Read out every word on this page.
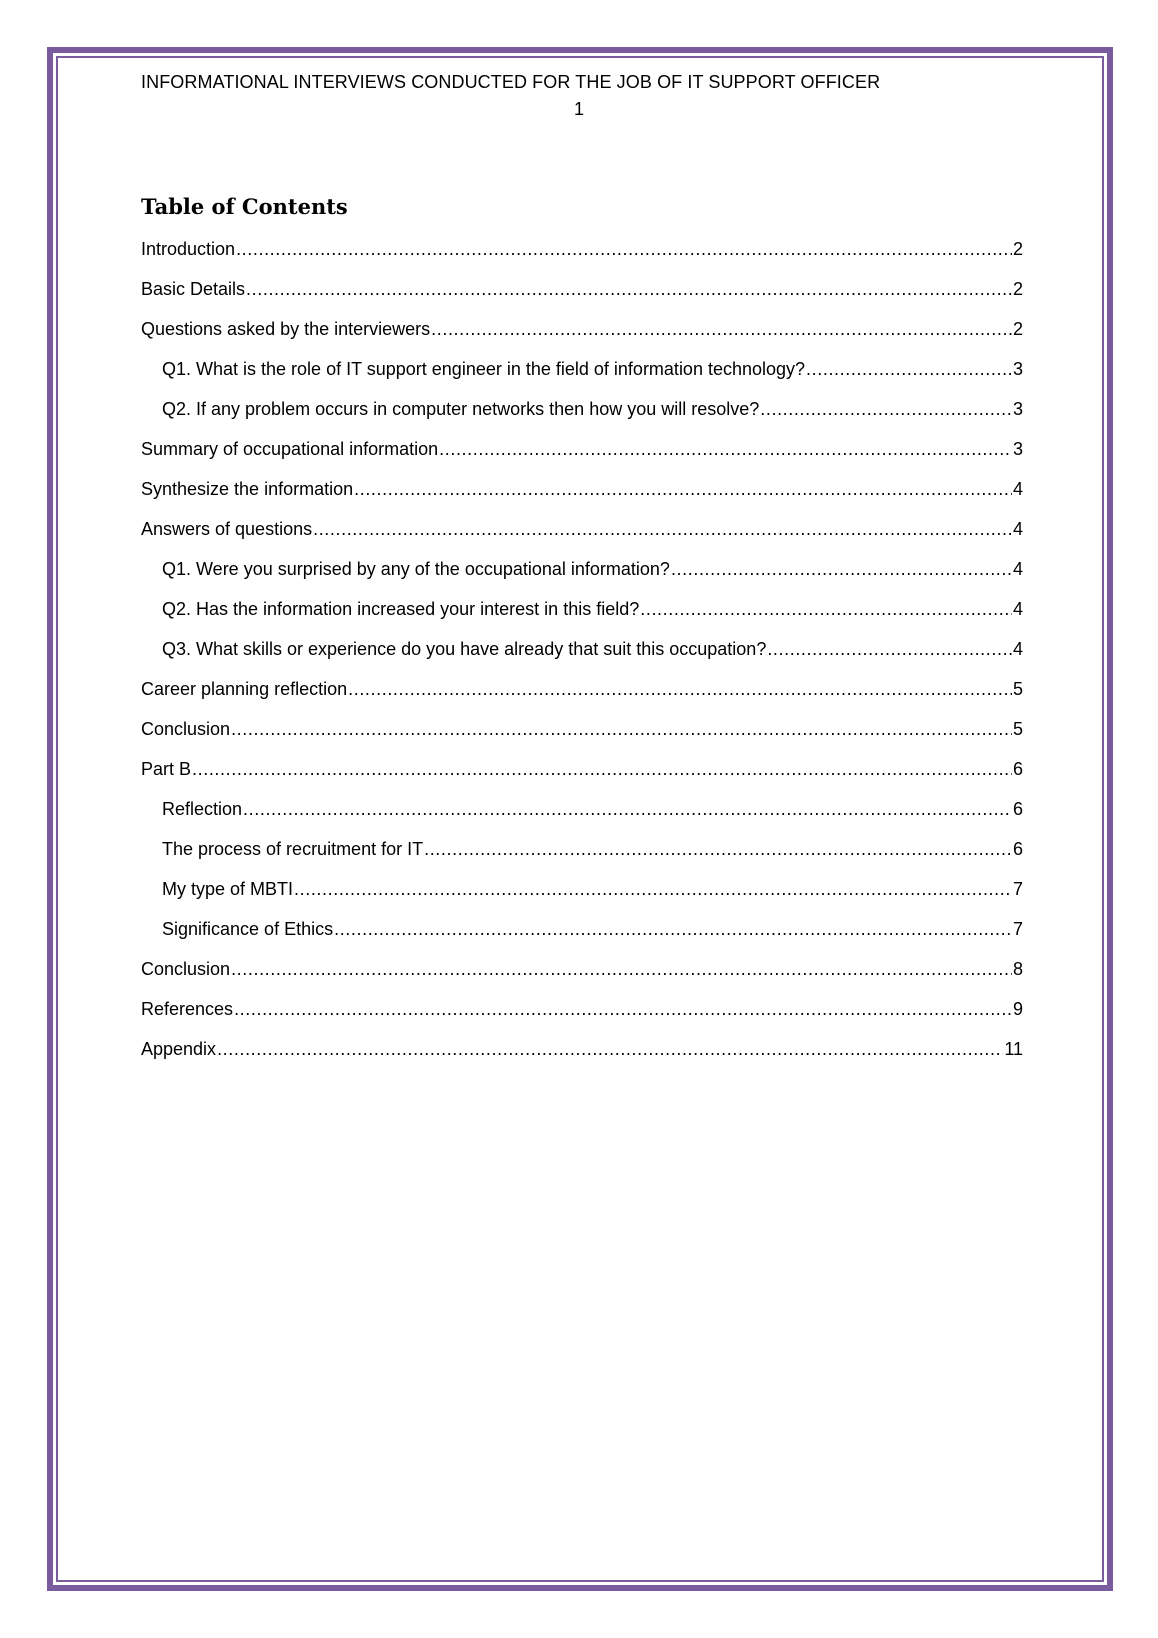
INFORMATIONAL INTERVIEWS CONDUCTED FOR THE JOB OF IT SUPPORT OFFICER
1
Table of Contents
Introduction .....	2
Basic Details .....	2
Questions asked by the interviewers .....	2
Q1. What is the role of IT support engineer in the field of information technology? .....	3
Q2. If any problem occurs in computer networks then how you will resolve? .....	3
Summary of occupational information .....	3
Synthesize the information .....	4
Answers of questions .....	4
Q1. Were you surprised by any of the occupational information? .....	4
Q2. Has the information increased your interest in this field? .....	4
Q3. What skills or experience do you have already that suit this occupation? .....	4
Career planning reflection .....	5
Conclusion .....	5
Part B .....	6
Reflection .....	6
The process of recruitment for IT .....	6
My type of MBTI .....	7
Significance of Ethics .....	7
Conclusion .....	8
References .....	9
Appendix .....	11
